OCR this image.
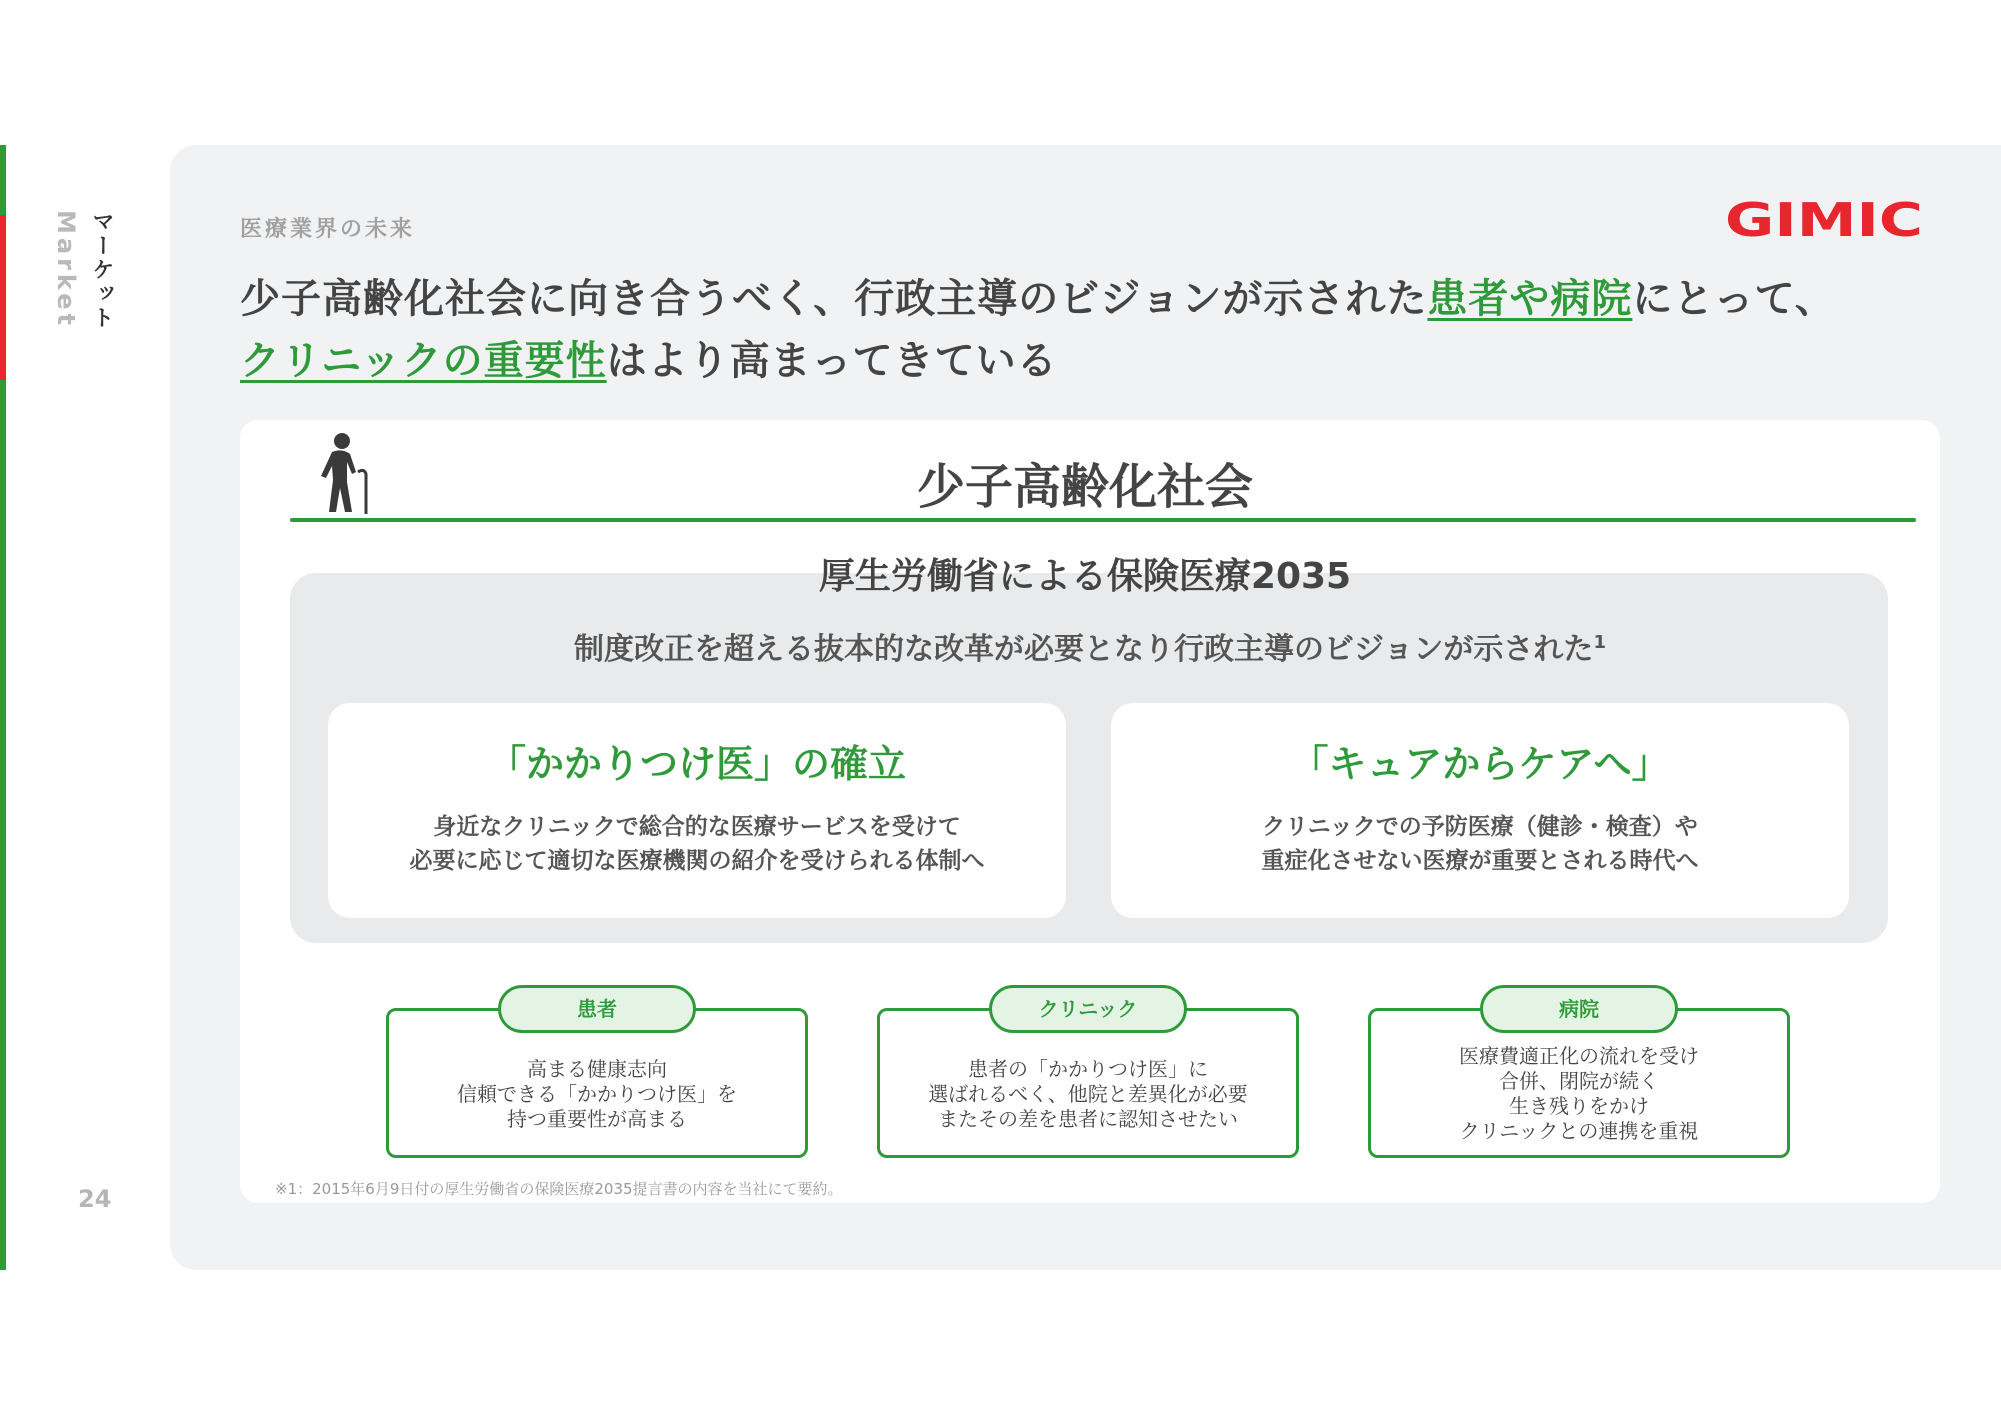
マーケット
Market
24
医療業界の未来	GIMIC
少子高齢化社会に向き合うべく、行政主導のビジョンが示された患者や病院にとって、
クリニックの重要性はより高まってきている
少子高齢化社会
厚生労働省による保険医療2035
制度改正を超える抜本的な改革が必要となり行政主導のビジョンが示された$^1$
「かかりつけ医」の確立
身近なクリニックで総合的な医療サービスを受けて
必要に応じて適切な医療機関の紹介を受けられる体制へ
「キュアからケアへ」
クリニックでの予防医療（健診・検査）や
重症化させない医療が重要とされる時代へ
高まる健康志向
信頼できる「かかりつけ医」を
持つ重要性が高まる
患者
患者の「かかりつけ医」に
選ばれるべく、他院と差異化が必要
またその差を患者に認知させたい
クリニック
医療費適正化の流れを受け
合併、閉院が続く
生き残りをかけ
クリニックとの連携を重視
病院
※1：2015年6月9日付の厚生労働省の保険医療2035提言書の内容を当社にて要約。
